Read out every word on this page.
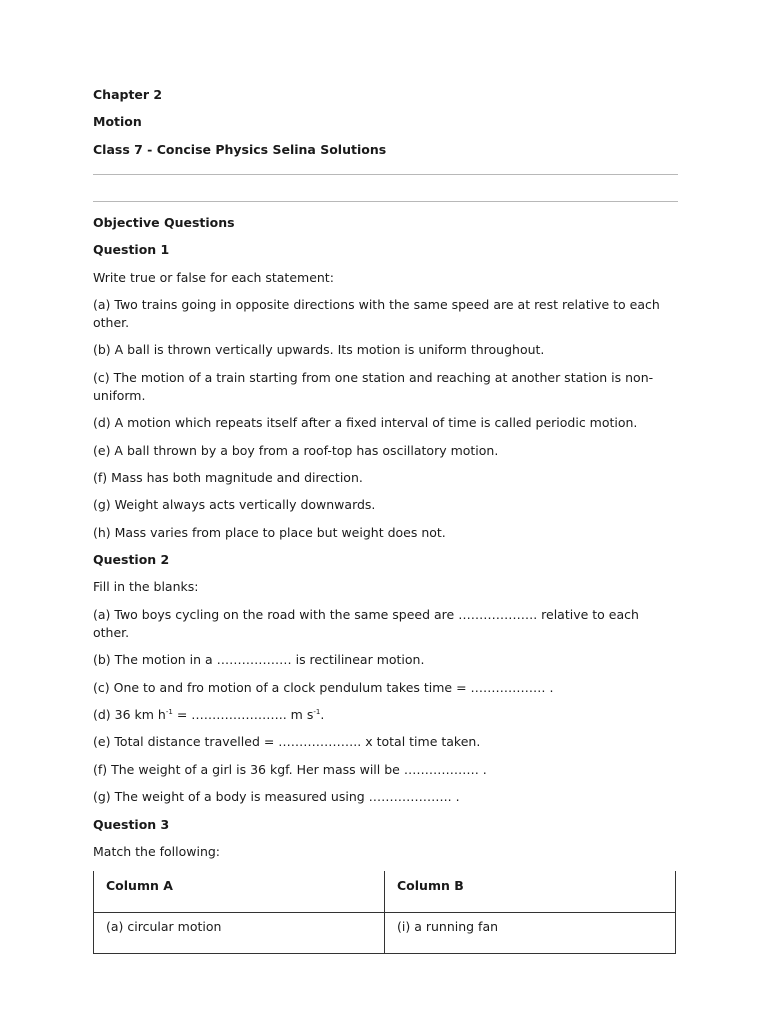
Chapter 2

Motion

Class 7 - Concise Physics Selina Solutions

Objective Questions

Question 1

Write true or false for each statement:

(a) Two trains going in opposite directions with the same speed are at rest relative to each other.

(b) A ball is thrown vertically upwards. Its motion is uniform throughout.

(c) The motion of a train starting from one station and reaching at another station is non-uniform.

(d) A motion which repeats itself after a fixed interval of time is called periodic motion.

(e) A ball thrown by a boy from a roof-top has oscillatory motion.

(f) Mass has both magnitude and direction.

(g) Weight always acts vertically downwards.

(h) Mass varies from place to place but weight does not.

Question 2

Fill in the blanks:

(a) Two boys cycling on the road with the same speed are ………………. relative to each other.

(b) The motion in a ……………… is rectilinear motion.

(c) One to and fro motion of a clock pendulum takes time = ……………… .

(d) 36 km $h^{-1}$ = ………………….. m $s^{-1}$.

(e) Total distance travelled = ……………….. x total time taken.

(f) The weight of a girl is 36 kgf. Her mass will be ……………… .

(g) The weight of a body is measured using ……………….. .

Question 3

Match the following:

Column A	Column B
(a) circular motion	(i) a running fan
